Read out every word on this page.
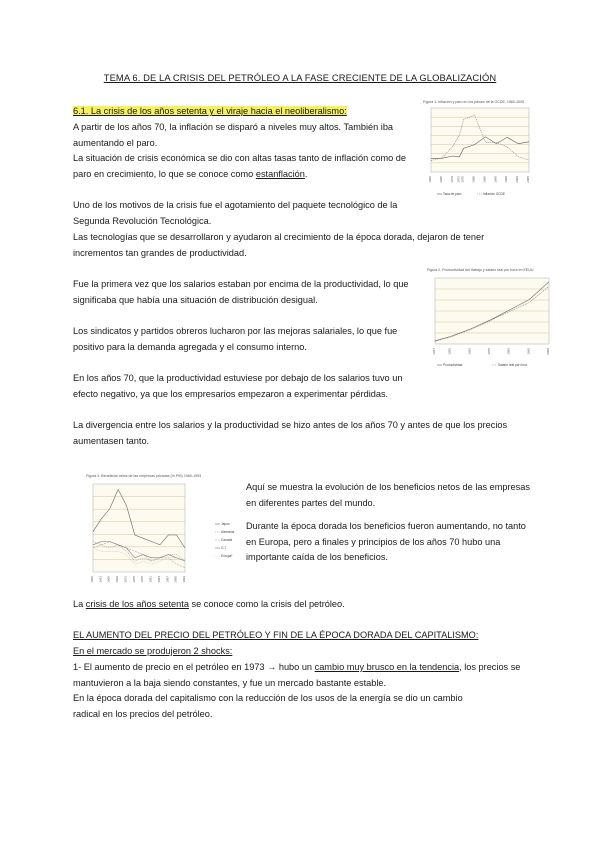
TEMA 6. DE LA CRISIS DEL PETRÓLEO A LA FASE CRECIENTE DE LA GLOBALIZACIÓN
6.1. La crisis de los años setenta y el viraje hacia el neoliberalismo:
A partir de los años 70, la inflación se disparó a niveles muy altos. También iba
aumentando el paro.
La situación de crisis económica se dio con altas tasas tanto de inflación como de
paro en crecimiento, lo que se conoce como estanflación.
Uno de los motivos de la crisis fue el agotamiento del paquete tecnológico de la
Segunda Revolución Tecnológica.
Las tecnologías que se desarrollaron y ayudaron al crecimiento de la época dorada, dejaron de tener
incrementos tan grandes de productividad.
Fue la primera vez que los salarios estaban por encima de la productividad, lo que
significaba que había una situación de distribución desigual.
Los sindicatos y partidos obreros lucharon por las mejoras salariales, lo que fue
positivo para la demanda agregada y el consumo interno.
En los años 70, que la productividad estuviese por debajo de los salarios tuvo un
efecto negativo, ya que los empresarios empezaron a experimentar pérdidas.
La divergencia entre los salarios y la productividad se hizo antes de los años 70 y antes de que los precios
aumentasen tanto.
Aquí se muestra la evolución de los beneficios netos de las empresas
en diferentes partes del mundo.
Durante la época dorada los beneficios fueron aumentando, no tanto
en Europa, pero a finales y principios de los años 70 hubo una
importante caída de los beneficios.
La crisis de los años setenta se conoce como la crisis del petróleo.
EL AUMENTO DEL PRECIO DEL PETRÓLEO Y FIN DE LA ÉPOCA DORADA DEL CAPITALISMO:
En el mercado se produjeron 2 shocks:
1- El aumento de precio en el petróleo en 1973 → hubo un cambio muy brusco en la tendencia, los precios se
mantuvieron a la baja siendo constantes, y fue un mercado bastante estable.
En la época dorada del capitalismo con la reducción de los usos de la energía se dio un cambio
radical en los precios del petróleo.
Figura 1. Inflación y paro en los países de la OCDE, 1960-2005
1960 1965 1970 1973 1975 1980 1985 1990 1995 2000 2005
Tasa de paro	Inflación OCDE
Figura 2. Productividad del trabajo y salario real por hora en EEUU
1947	1955	1965	1975	1985	1995	2005
Productividad	Salario real por hora
Figura 3. Beneficios netos de las empresas privadas (% PIB) 1960-1993
1960 1963 1966 1969 1972 1975 1978 1981 1984 1987 1990 1993
Japón
Alemania
Canadá
G-7
Europa*
